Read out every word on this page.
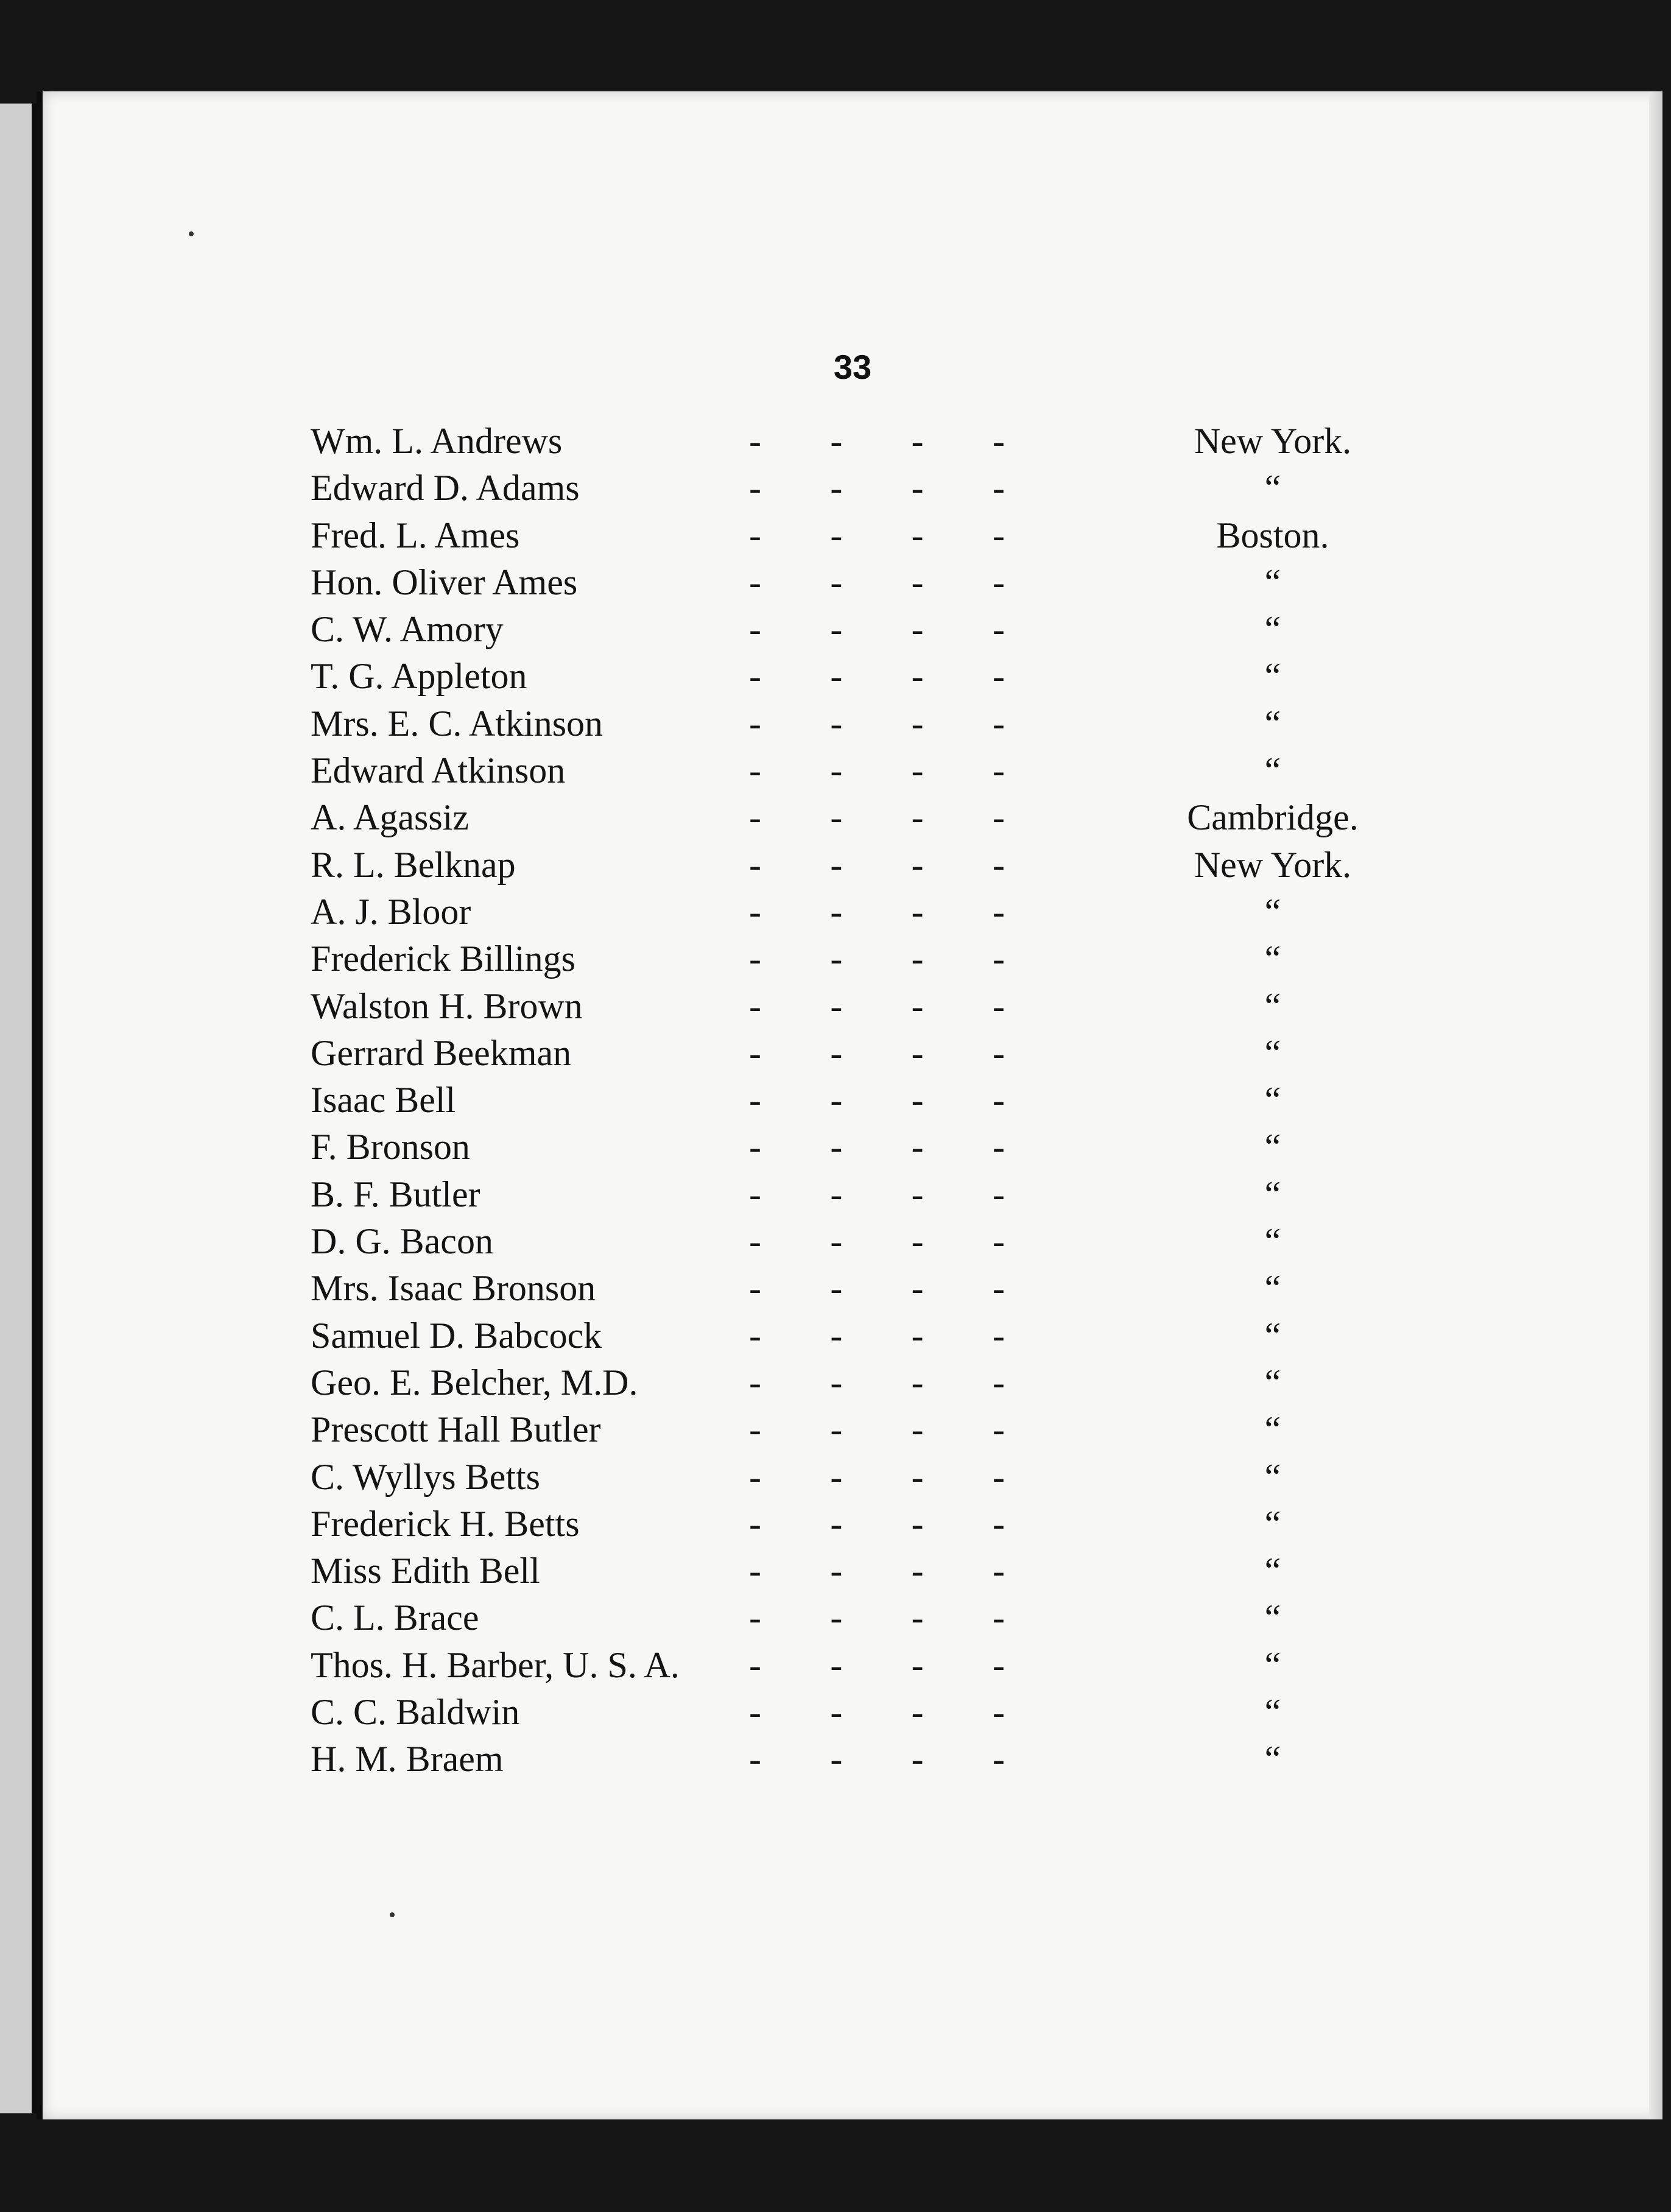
33
Wm. L. Andrews	-	-	-	-	New York.
Edward D. Adams	-	-	-	-	“
Fred. L. Ames	-	-	-	-	Boston.
Hon. Oliver Ames	-	-	-	-	“
C. W. Amory	-	-	-	-	“
T. G. Appleton	-	-	-	-	“
Mrs. E. C. Atkinson	-	-	-	-	“
Edward Atkinson	-	-	-	-	“
A. Agassiz	-	-	-	-	Cambridge.
R. L. Belknap	-	-	-	-	New York.
A. J. Bloor	-	-	-	-	“
Frederick Billings	-	-	-	-	“
Walston H. Brown	-	-	-	-	“
Gerrard Beekman	-	-	-	-	“
Isaac Bell	-	-	-	-	“
F. Bronson	-	-	-	-	“
B. F. Butler	-	-	-	-	“
D. G. Bacon	-	-	-	-	“
Mrs. Isaac Bronson	-	-	-	-	“
Samuel D. Babcock	-	-	-	-	“
Geo. E. Belcher, M.D.	-	-	-	-	“
Prescott Hall Butler	-	-	-	-	“
C. Wyllys Betts	-	-	-	-	“
Frederick H. Betts	-	-	-	-	“
Miss Edith Bell	-	-	-	-	“
C. L. Brace	-	-	-	-	“
Thos. H. Barber, U. S. A.	-	-	-	-	“
C. C. Baldwin	-	-	-	-	“
H. M. Braem	-	-	-	-	“
